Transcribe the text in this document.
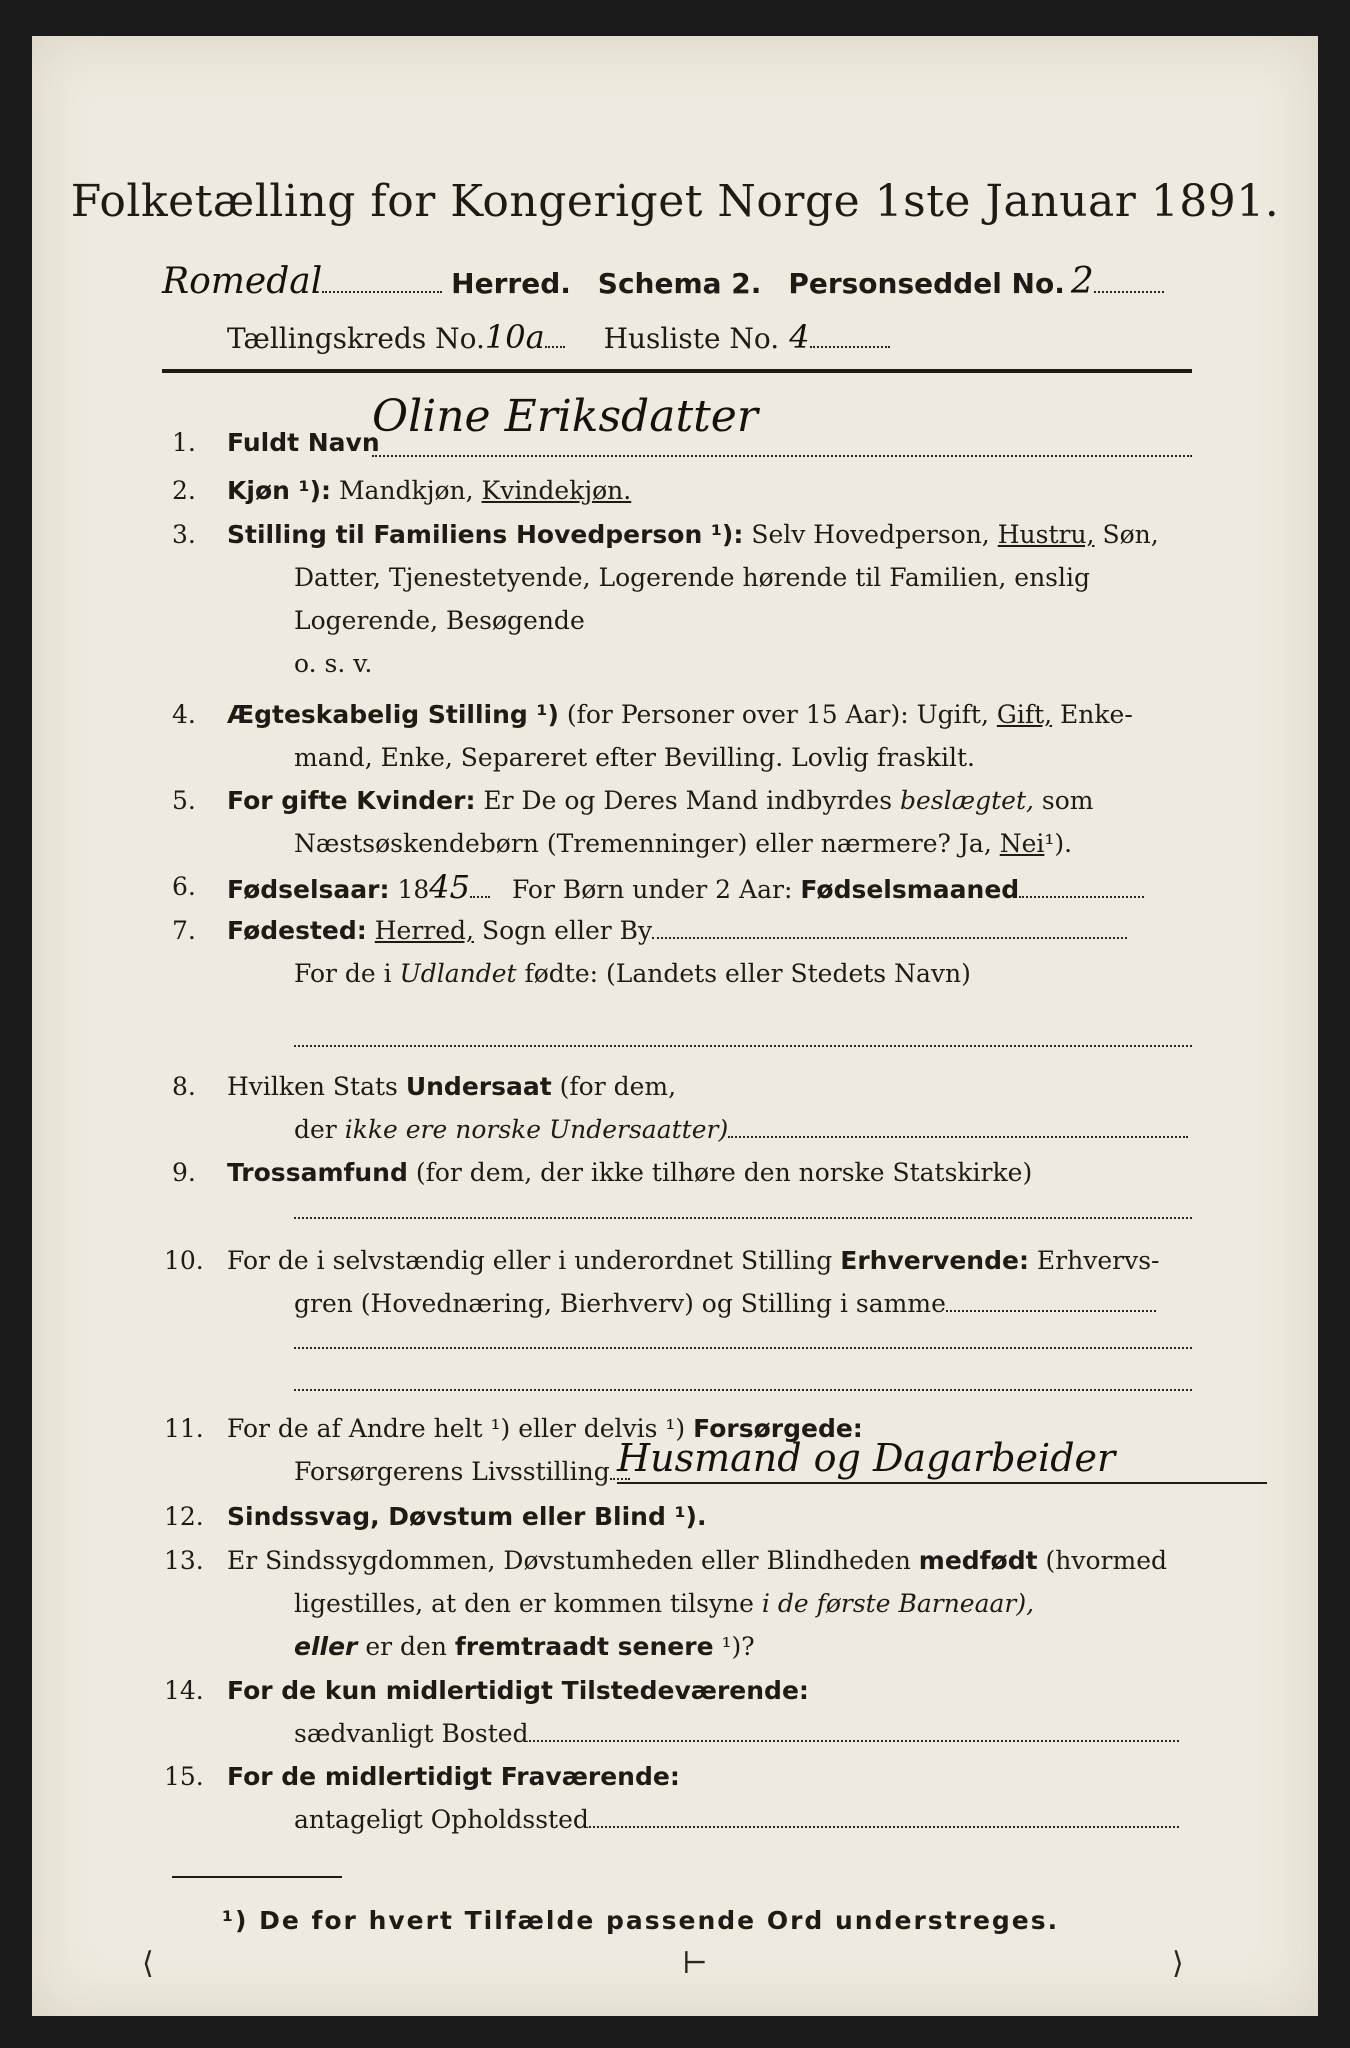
Folketælling for Kongeriget Norge 1ste Januar 1891.
Romedal	Herred. Schema 2. Personseddel No. 2
Tællingskreds No.10a Husliste No. 4
1. Fuldt Navn
Oline Eriksdatter
2. Kjøn ¹): Mandkjøn, Kvindekjøn.
3. Stilling til Familiens Hovedperson ¹): Selv Hovedperson, Hustru, Søn,
Datter, Tjenestetyende, Logerende hørende til Familien, enslig
Logerende, Besøgende
o. s. v.
4. Ægteskabelig Stilling ¹) (for Personer over 15 Aar): Ugift, Gift, Enke-
mand, Enke, Separeret efter Bevilling. Lovlig fraskilt.
5. For gifte Kvinder: Er De og Deres Mand indbyrdes beslægtet, som
Næstsøskendebørn (Tremenninger) eller nærmere? Ja, Nei¹).
6. Fødselsaar: 1845 For Børn under 2 Aar: Fødselsmaaned
7. Fødested: Herred, Sogn eller By
For de i Udlandet fødte: (Landets eller Stedets Navn)
8. Hvilken Stats Undersaat (for dem,
der ikke ere norske Undersaatter)
9. Trossamfund (for dem, der ikke tilhøre den norske Statskirke)
10. For de i selvstændig eller i underordnet Stilling Erhvervende: Erhvervs-
gren (Hovednæring, Bierhverv) og Stilling i samme
11. For de af Andre helt ¹) eller delvis ¹) Forsørgede:
Forsørgerens Livsstilling Husmand og Dagarbeider
12. Sindssvag, Døvstum eller Blind ¹).
13. Er Sindssygdommen, Døvstumheden eller Blindheden medfødt (hvormed
ligestilles, at den er kommen tilsyne i de første Barneaar),
eller er den fremtraadt senere ¹)?
14. For de kun midlertidigt Tilstedeværende:
sædvanligt Bosted
15. For de midlertidigt Fraværende:
antageligt Opholdssted
¹) De for hvert Tilfælde passende Ord understreges.
⟨	⊢	⟩
